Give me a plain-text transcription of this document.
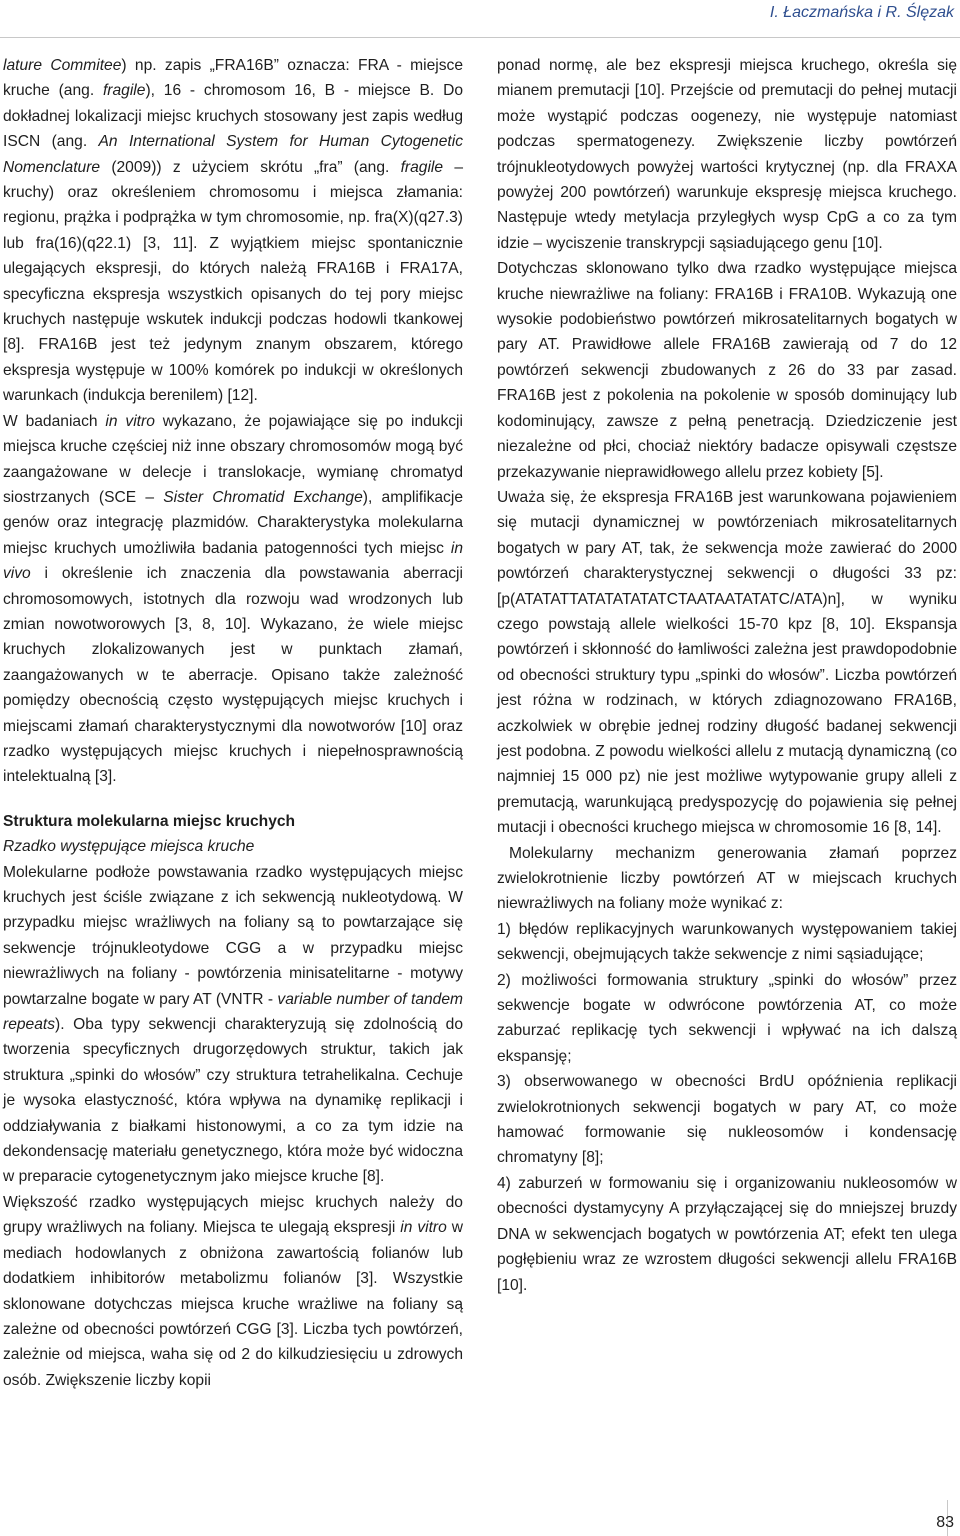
I. Łaczmańska i R. Ślęzak

lature Commitee) np. zapis „FRA16B” oznacza: FRA - miejsce kruche (ang. fragile), 16 - chromosom 16, B - miejsce B. Do dokładnej lokalizacji miejsc kruchych stosowany jest zapis według ISCN (ang. An International System for Human Cytogenetic Nomenclature (2009)) z użyciem skrótu „fra” (ang. fragile – kruchy) oraz określeniem chromosomu i miejsca złamania: regionu, prążka i podprążka w tym chromosomie, np. fra(X)(q27.3) lub fra(16)(q22.1) [3, 11]. Z wyjątkiem miejsc spontanicznie ulegających ekspresji, do których należą FRA16B i FRA17A, specyficzna ekspresja wszystkich opisanych do tej pory miejsc kruchych następuje wskutek indukcji podczas hodowli tkankowej [8]. FRA16B jest też jedynym znanym obszarem, którego ekspresja występuje w 100% komórek po indukcji w określonych warunkach (indukcja berenilem) [12].

W badaniach in vitro wykazano, że pojawiające się po indukcji miejsca kruche częściej niż inne obszary chromosomów mogą być zaangażowane w delecje i translokacje, wymianę chromatyd siostrzanych (SCE – Sister Chromatid Exchange), amplifikacje genów oraz integrację plazmidów. Charakterystyka molekularna miejsc kruchych umożliwiła badania patogenności tych miejsc in vivo i określenie ich znaczenia dla powstawania aberracji chromosomowych, istotnych dla rozwoju wad wrodzonych lub zmian nowotworowych [3, 8, 10]. Wykazano, że wiele miejsc kruchych zlokalizowanych jest w punktach złamań, zaangażowanych w te aberracje. Opisano także zależność pomiędzy obecnością często występujących miejsc kruchych i miejscami złamań charakterystycznymi dla nowotworów [10] oraz rzadko występujących miejsc kruchych i niepełnosprawnością intelektualną [3].

Struktura molekularna miejsc kruchych

Rzadko występujące miejsca kruche

Molekularne podłoże powstawania rzadko występujących miejsc kruchych jest ściśle związane z ich sekwencją nukleotydową. W przypadku miejsc wrażliwych na foliany są to powtarzające się sekwencje trójnukleotydowe CGG a w przypadku miejsc niewrażliwych na foliany - powtórzenia minisatelitarne - motywy powtarzalne bogate w pary AT (VNTR - variable number of tandem repeats). Oba typy sekwencji charakteryzują się zdolnością do tworzenia specyficznych drugorzędowych struktur, takich jak struktura „spinki do włosów” czy struktura tetrahelikalna. Cechuje je wysoka elastyczność, która wpływa na dynamikę replikacji i oddziaływania z białkami histonowymi, a co za tym idzie na dekondensację materiału genetycznego, która może być widoczna w preparacie cytogenetycznym jako miejsce kruche [8].

Większość rzadko występujących miejsc kruchych należy do grupy wrażliwych na foliany. Miejsca te ulegają ekspresji in vitro w mediach hodowlanych z obniżona zawartością folianów lub dodatkiem inhibitorów metabolizmu folianów [3]. Wszystkie sklonowane dotychczas miejsca kruche wrażliwe na foliany są zależne od obecności powtórzeń CGG [3]. Liczba tych powtórzeń, zależnie od miejsca, waha się od 2 do kilkudziesięciu u zdrowych osób. Zwiększenie liczby kopii

ponad normę, ale bez ekspresji miejsca kruchego, określa się mianem premutacji [10]. Przejście od premutacji do pełnej mutacji może wystąpić podczas oogenezy, nie występuje natomiast podczas spermatogenezy. Zwiększenie liczby powtórzeń trójnukleotydowych powyżej wartości krytycznej (np. dla FRAXA powyżej 200 powtórzeń) warunkuje ekspresję miejsca kruchego. Następuje wtedy metylacja przyległych wysp CpG a co za tym idzie – wyciszenie transkrypcji sąsiadującego genu [10].

Dotychczas sklonowano tylko dwa rzadko występujące miejsca kruche niewrażliwe na foliany: FRA16B i FRA10B. Wykazują one wysokie podobieństwo powtórzeń mikrosatelitarnych bogatych w pary AT. Prawidłowe allele FRA16B zawierają od 7 do 12 powtórzeń sekwencji zbudowanych z 26 do 33 par zasad. FRA16B jest z pokolenia na pokolenie w sposób dominujący lub kodominujący, zawsze z pełną penetracją. Dziedziczenie jest niezależne od płci, chociaż niektóry badacze opisywali częstsze przekazywanie nieprawidłowego allelu przez kobiety [5].

Uważa się, że ekspresja FRA16B jest warunkowana pojawieniem się mutacji dynamicznej w powtórzeniach mikrosatelitarnych bogatych w pary AT, tak, że sekwencja może zawierać do 2000 powtórzeń charakterystycznej sekwencji o długości 33 pz: [p(ATATATTATATATATATCTAATAATATATC/ATA)n], w wyniku czego powstają allele wielkości 15-70 kpz [8, 10]. Ekspansja powtórzeń i skłonność do łamliwości zależna jest prawdopodobnie od obecności struktury typu „spinki do włosów”. Liczba powtórzeń jest różna w rodzinach, w których zdiagnozowano FRA16B, aczkolwiek w obrębie jednej rodziny długość badanej sekwencji jest podobna. Z powodu wielkości allelu z mutacją dynamiczną (co najmniej 15 000 pz) nie jest możliwe wytypowanie grupy alleli z premutacją, warunkującą predyspozycję do pojawienia się pełnej mutacji i obecności kruchego miejsca w chromosomie 16 [8, 14].

Molekularny mechanizm generowania złamań poprzez zwielokrotnienie liczby powtórzeń AT w miejscach kruchych niewrażliwych na foliany może wynikać z:

1) błędów replikacyjnych warunkowanych występowaniem takiej sekwencji, obejmujących także sekwencje z nimi sąsiadujące;

2) możliwości formowania struktury „spinki do włosów” przez sekwencje bogate w odwrócone powtórzenia AT, co może zaburzać replikację tych sekwencji i wpływać na ich dalszą ekspansję;

3) obserwowanego w obecności BrdU opóźnienia replikacji zwielokrotnionych sekwencji bogatych w pary AT, co może hamować formowanie się nukleosomów i kondensację chromatyny [8];

4) zaburzeń w formowaniu się i organizowaniu nukleosomów w obecności dystamycyny A przyłączającej się do mniejszej bruzdy DNA w sekwencjach bogatych w powtórzenia AT; efekt ten ulega pogłębieniu wraz ze wzrostem długości sekwencji allelu FRA16B [10].

83
